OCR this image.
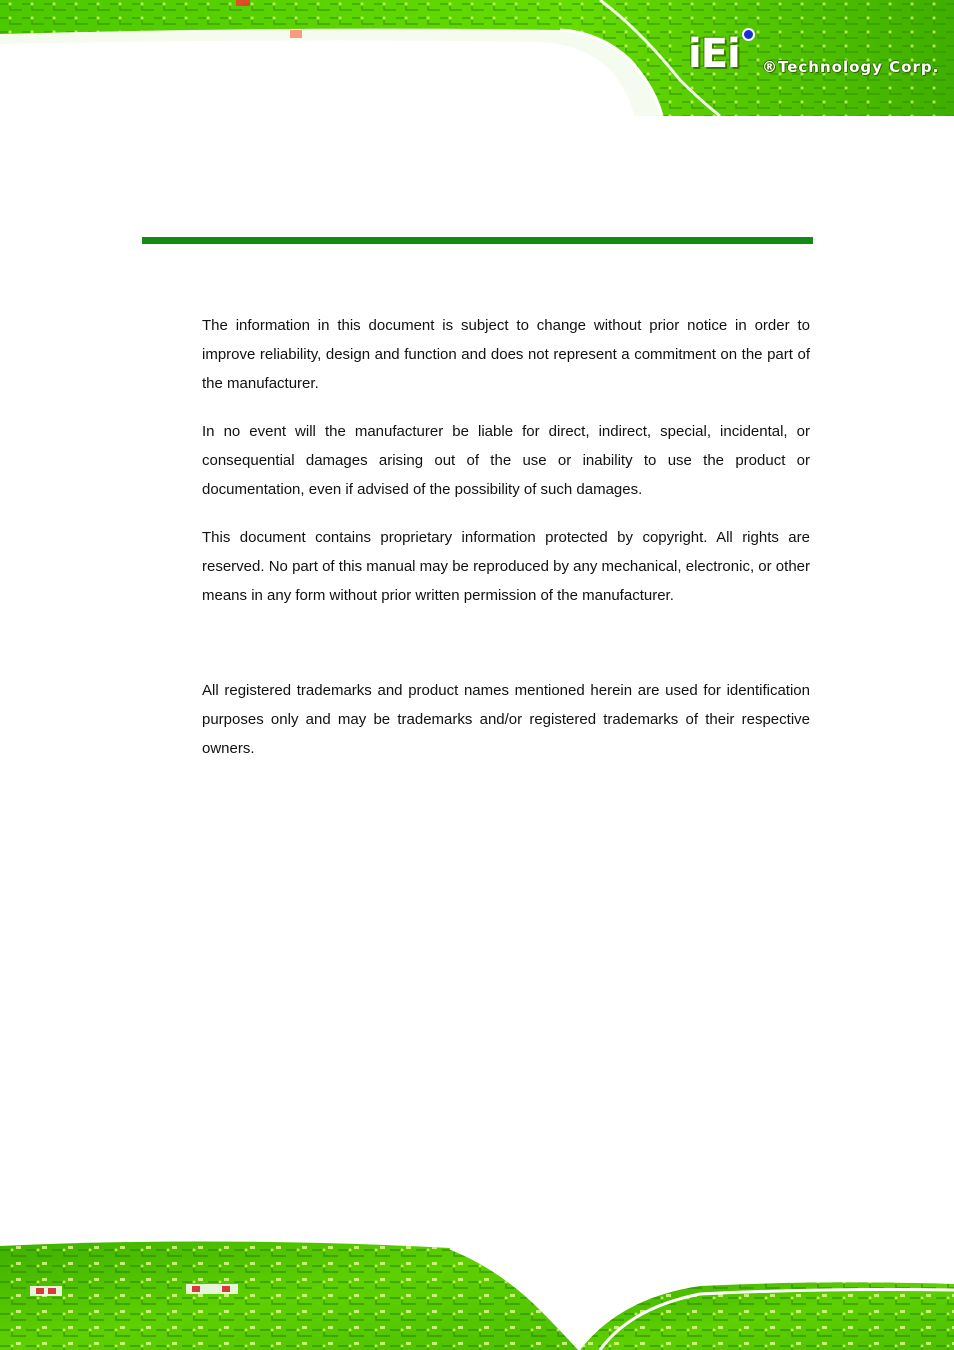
iEi ®Technology Corp.

The information in this document is subject to change without prior notice in order to improve reliability, design and function and does not represent a commitment on the part of the manufacturer.

In no event will the manufacturer be liable for direct, indirect, special, incidental, or consequential damages arising out of the use or inability to use the product or documentation, even if advised of the possibility of such damages.

This document contains proprietary information protected by copyright. All rights are reserved. No part of this manual may be reproduced by any mechanical, electronic, or other means in any form without prior written permission of the manufacturer.

All registered trademarks and product names mentioned herein are used for identification purposes only and may be trademarks and/or registered trademarks of their respective owners.
